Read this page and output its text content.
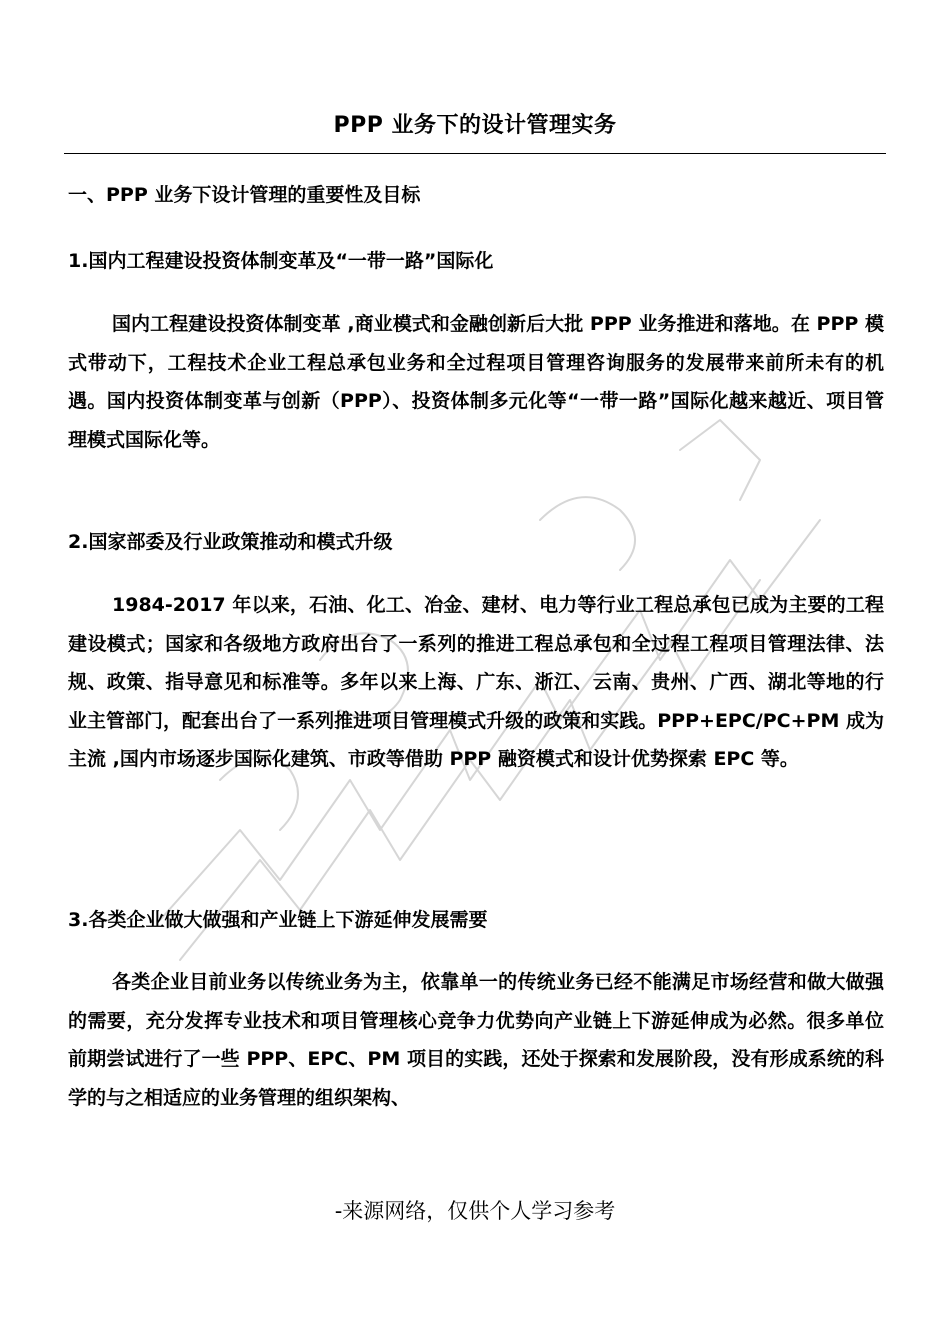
PPP 业务下的设计管理实务
一、PPP 业务下设计管理的重要性及目标
1.国内工程建设投资体制变革及“一带一路”国际化
国内工程建设投资体制变革 ,商业模式和金融创新后大批 PPP 业务推进和落地。在 PPP 模式带动下，工程技术企业工程总承包业务和全过程项目管理咨询服务的发展带来前所未有的机遇。国内投资体制变革与创新（PPP）、投资体制多元化等“一带一路”国际化越来越近、项目管理模式国际化等。
2.国家部委及行业政策推动和模式升级
1984-2017 年以来，石油、化工、冶金、建材、电力等行业工程总承包已成为主要的工程建设模式；国家和各级地方政府出台了一系列的推进工程总承包和全过程工程项目管理法律、法规、政策、指导意见和标准等。多年以来上海、广东、浙江、云南、贵州、广西、湖北等地的行业主管部门，配套出台了一系列推进项目管理模式升级的政策和实践。PPP+EPC/PC+PM 成为主流 ,国内市场逐步国际化建筑、市政等借助 PPP 融资模式和设计优势探索 EPC 等。
3.各类企业做大做强和产业链上下游延伸发展需要
各类企业目前业务以传统业务为主，依靠单一的传统业务已经不能满足市场经营和做大做强的需要，充分发挥专业技术和项目管理核心竞争力优势向产业链上下游延伸成为必然。很多单位前期尝试进行了一些 PPP、EPC、PM 项目的实践，还处于探索和发展阶段，没有形成系统的科学的与之相适应的业务管理的组织架构、
-来源网络，仅供个人学习参考
